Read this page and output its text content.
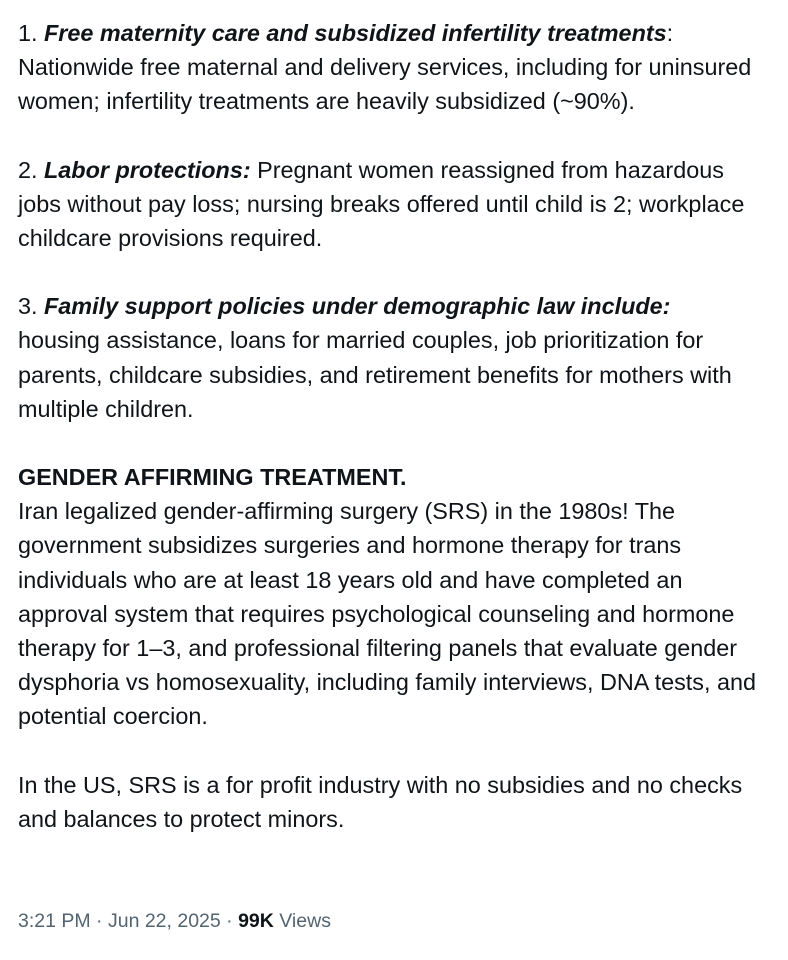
1. Free maternity care and subsidized infertility treatments: Nationwide free maternal and delivery services, including for uninsured women; infertility treatments are heavily subsidized (~90%).

2. Labor protections: Pregnant women reassigned from hazardous jobs without pay loss; nursing breaks offered until child is 2; workplace childcare provisions required.

3. Family support policies under demographic law include:
housing assistance, loans for married couples, job prioritization for parents, childcare subsidies, and retirement benefits for mothers with multiple children.

GENDER AFFIRMING TREATMENT.
Iran legalized gender-affirming surgery (SRS) in the 1980s! The government subsidizes surgeries and hormone therapy for trans individuals who are at least 18 years old and have completed an approval system that requires psychological counseling and hormone therapy for 1–3, and professional filtering panels that evaluate gender dysphoria vs homosexuality, including family interviews, DNA tests, and potential coercion.

In the US, SRS is a for profit industry with no subsidies and no checks and balances to protect minors.

3:21 PM · Jun 22, 2025 · 99K Views
